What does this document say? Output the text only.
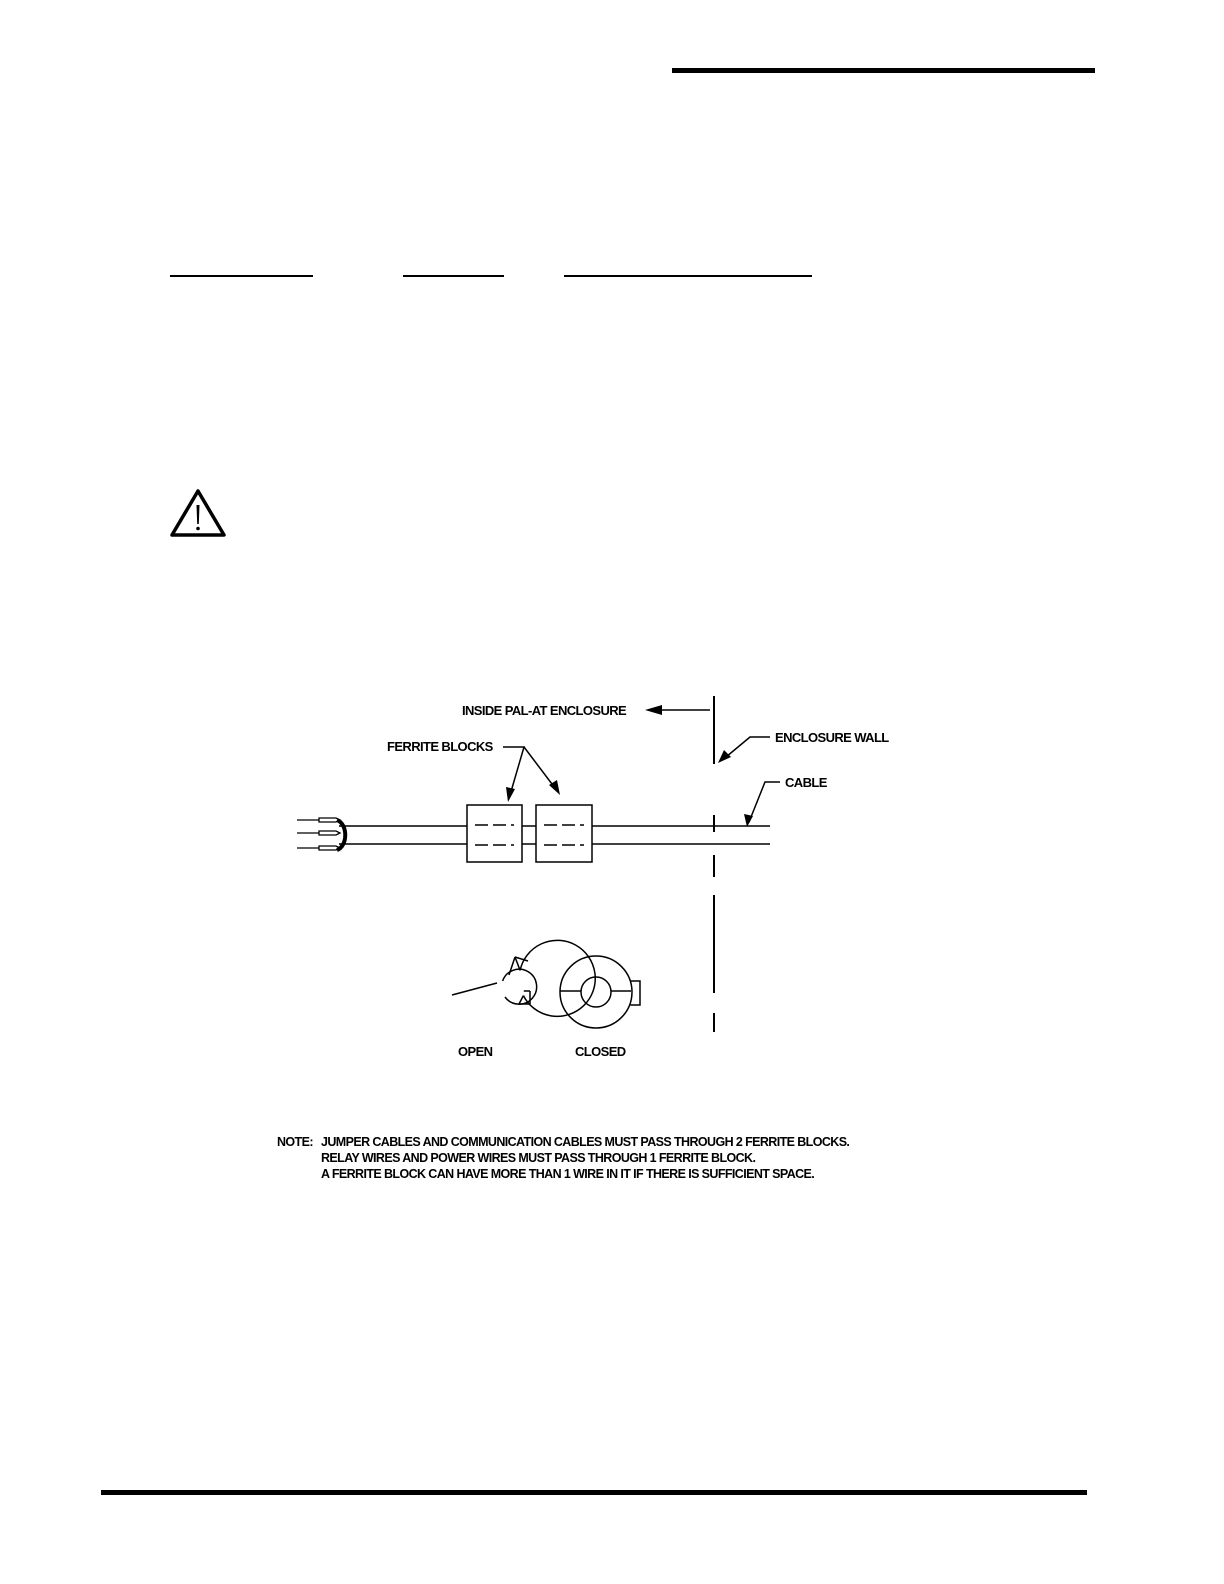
INSIDE PAL-AT ENCLOSURE
FERRITE BLOCKS
ENCLOSURE WALL
CABLE
OPEN	CLOSED
NOTE: JUMPER CABLES AND COMMUNICATION CABLES MUST PASS THROUGH 2 FERRITE BLOCKS.
RELAY WIRES AND POWER WIRES MUST PASS THROUGH 1 FERRITE BLOCK.
A FERRITE BLOCK CAN HAVE MORE THAN 1 WIRE IN IT IF THERE IS SUFFICIENT SPACE.
